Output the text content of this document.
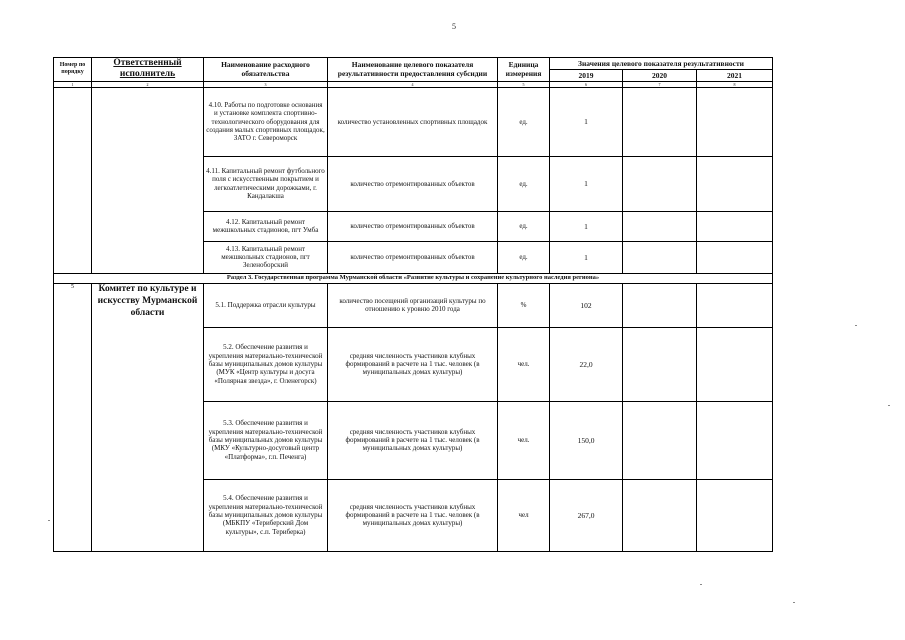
5
Номер по порядку	Ответственный исполнитель	Наименование расходного обязательства	Наименование целевого показателя результативности предоставления субсидии	Единица измерения	Значения целевого показателя результативности		
					2019	2020	2021
1	2	3	4	5	6	7	8
		4.10. Работы по подготовке основания и установке комплекта спортивно-технологического оборудования для создания малых спортивных площадок, ЗАТО г. Североморск	количество установленных спортивных площадок	ед.	1		
		4.11. Капитальный ремонт футбольного поля с искусственным покрытием и легкоатлетическими дорожками, г. Кандалакша	количество отремонтированных объектов	ед.	1		
		4.12. Капитальный ремонт межшкольных стадионов, пгт Умба	количество отремонтированных объектов	ед.	1		
		4.13. Капитальный ремонт межшкольных стадионов, пгт Зеленоборский	количество отремонтированных объектов	ед.	1		
Раздел 3. Государственная программа Мурманской области «Развитие культуры и сохранение культурного наследия региона»							
5	Комитет по культуре и искусству Мурманской области	5.1. Поддержка отрасли культуры	количество посещений организаций культуры по отношению к уровню 2010 года	%	102		
		5.2. Обеспечение развития и укрепления материально-технической базы муниципальных домов культуры (МУК «Центр культуры и досуга «Полярная звезда», г. Оленегорск)	средняя численность участников клубных формирований в расчете на 1 тыс. человек (в муниципальных домах культуры)	чел.	22,0		
		5.3. Обеспечение развития и укрепления материально-технической базы муниципальных домов культуры (МКУ «Культурно-досуговый центр «Платформа», г.п. Печенга)	средняя численность участников клубных формирований в расчете на 1 тыс. человек (в муниципальных домах культуры)	чел.	150,0		
		5.4. Обеспечение развития и укрепления материально-технической базы муниципальных домов культуры (МБКПУ «Териберский Дом культуры», с.п. Териберка)	средняя численность участников клубных формирований в расчете на 1 тыс. человек (в муниципальных домах культуры)	чел	267,0		
